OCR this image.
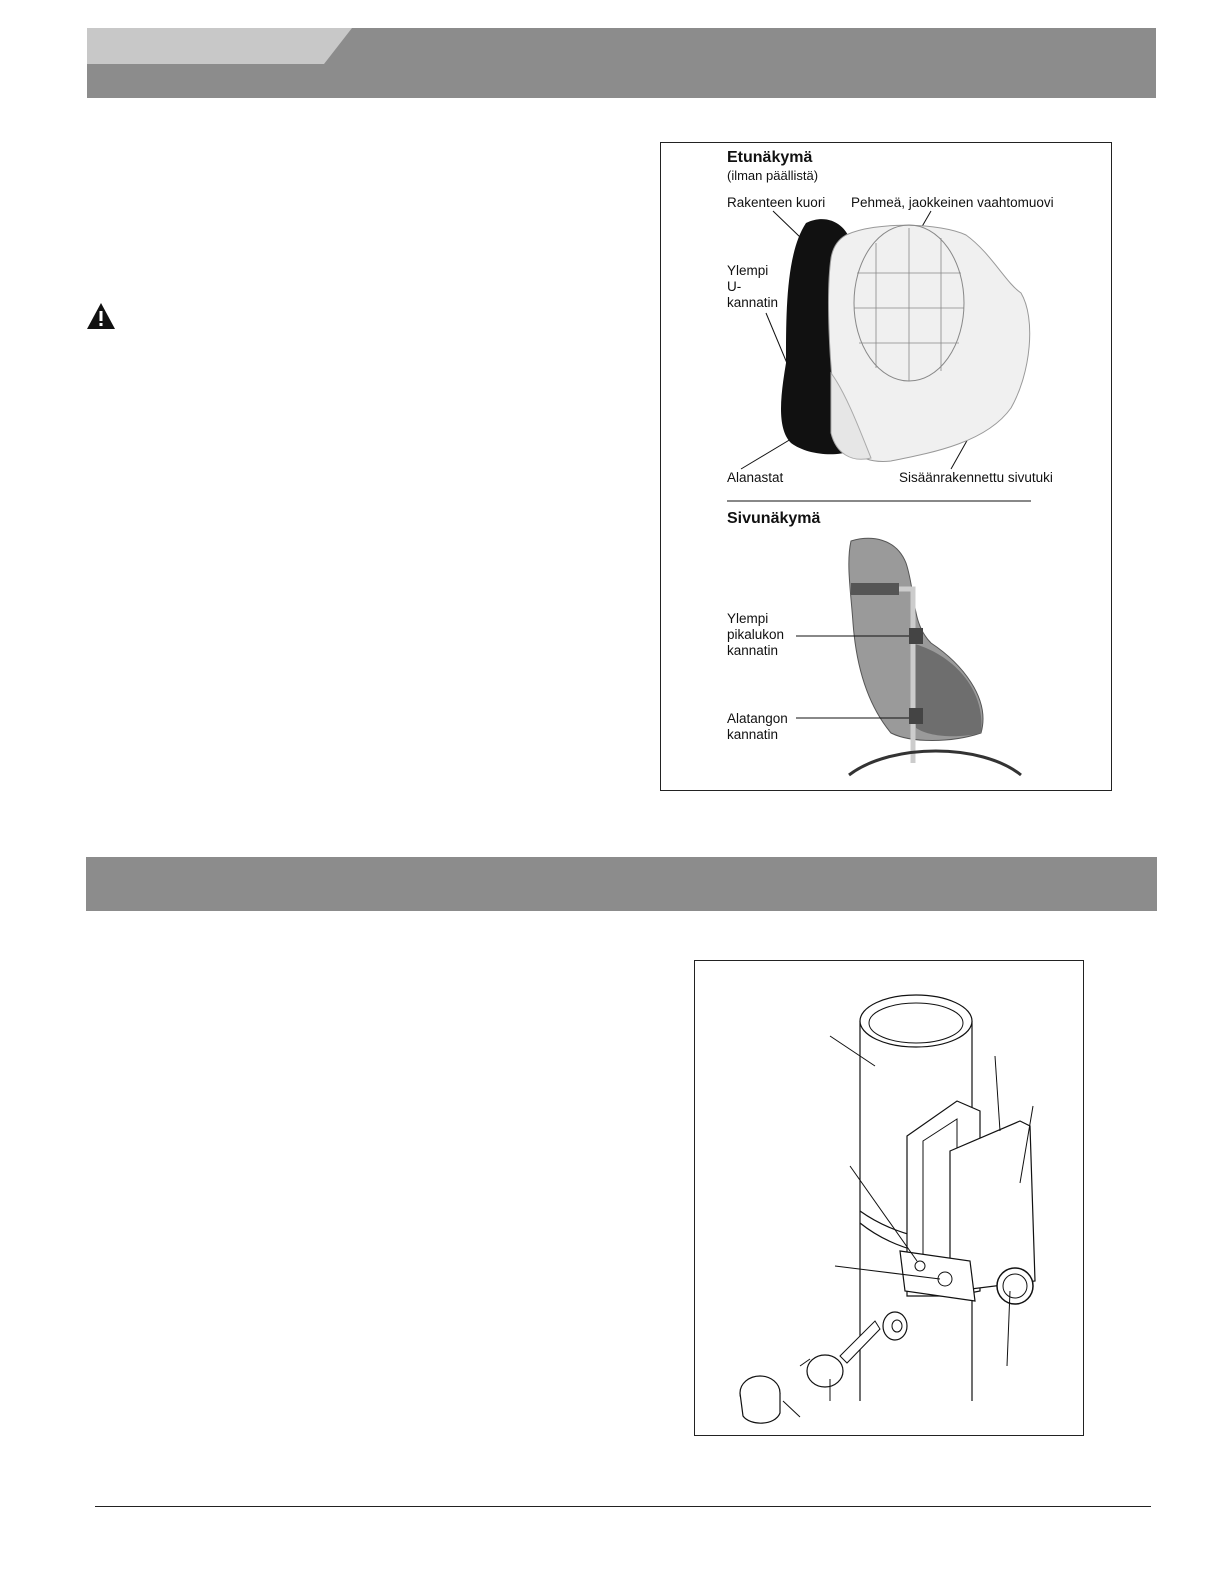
Etunäkymä
(ilman päällistä)
Rakenteen kuori Pehmeä, jaokkeinen vaahtomuovi
Ylempi
U-
kannatin
Alanastat	Sisäänrakennettu sivutuki
Sivunäkymä
Ylempi
pikalukon
kannatin
Alatangon
kannatin
